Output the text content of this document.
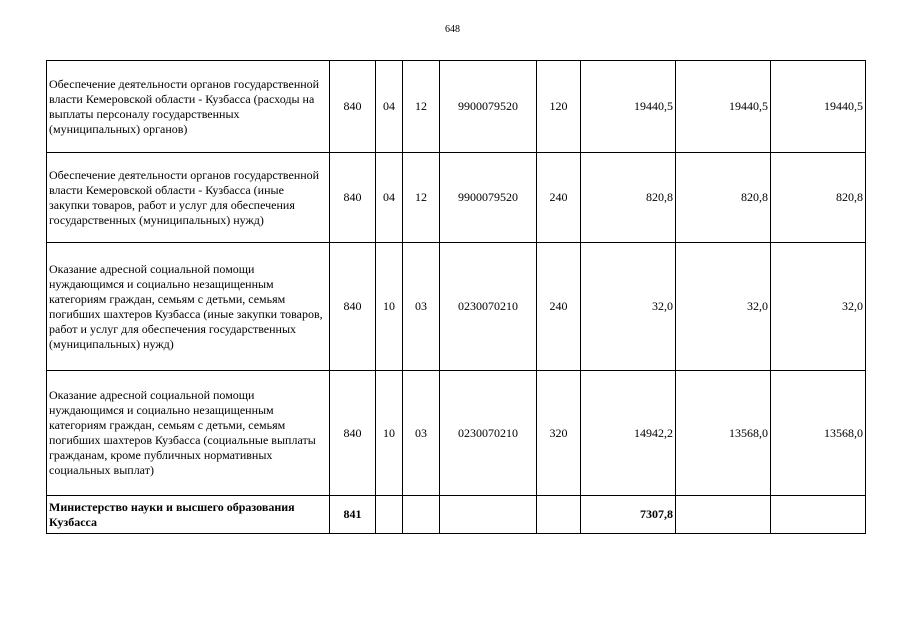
648
Обеспечение деятельности органов государственной власти Кемеровской области - Кузбасса (расходы на выплаты персоналу государственных (муниципальных) органов)	840	04	12	9900079520	120	19440,5	19440,5	19440,5
Обеспечение деятельности органов государственной власти Кемеровской области - Кузбасса (иные закупки товаров, работ и услуг для обеспечения государственных (муниципальных) нужд)	840	04	12	9900079520	240	820,8	820,8	820,8
Оказание адресной социальной помощи нуждающимся и социально незащищенным категориям граждан, семьям с детьми, семьям погибших шахтеров Кузбасса (иные закупки товаров, работ и услуг для обеспечения государственных (муниципальных) нужд)	840	10	03	0230070210	240	32,0	32,0	32,0
Оказание адресной социальной помощи нуждающимся и социально незащищенным категориям граждан, семьям с детьми, семьям погибших шахтеров Кузбасса (социальные выплаты гражданам, кроме публичных нормативных социальных выплат)	840	10	03	0230070210	320	14942,2	13568,0	13568,0
Министерство науки и высшего образования Кузбасса	841					7307,8		
